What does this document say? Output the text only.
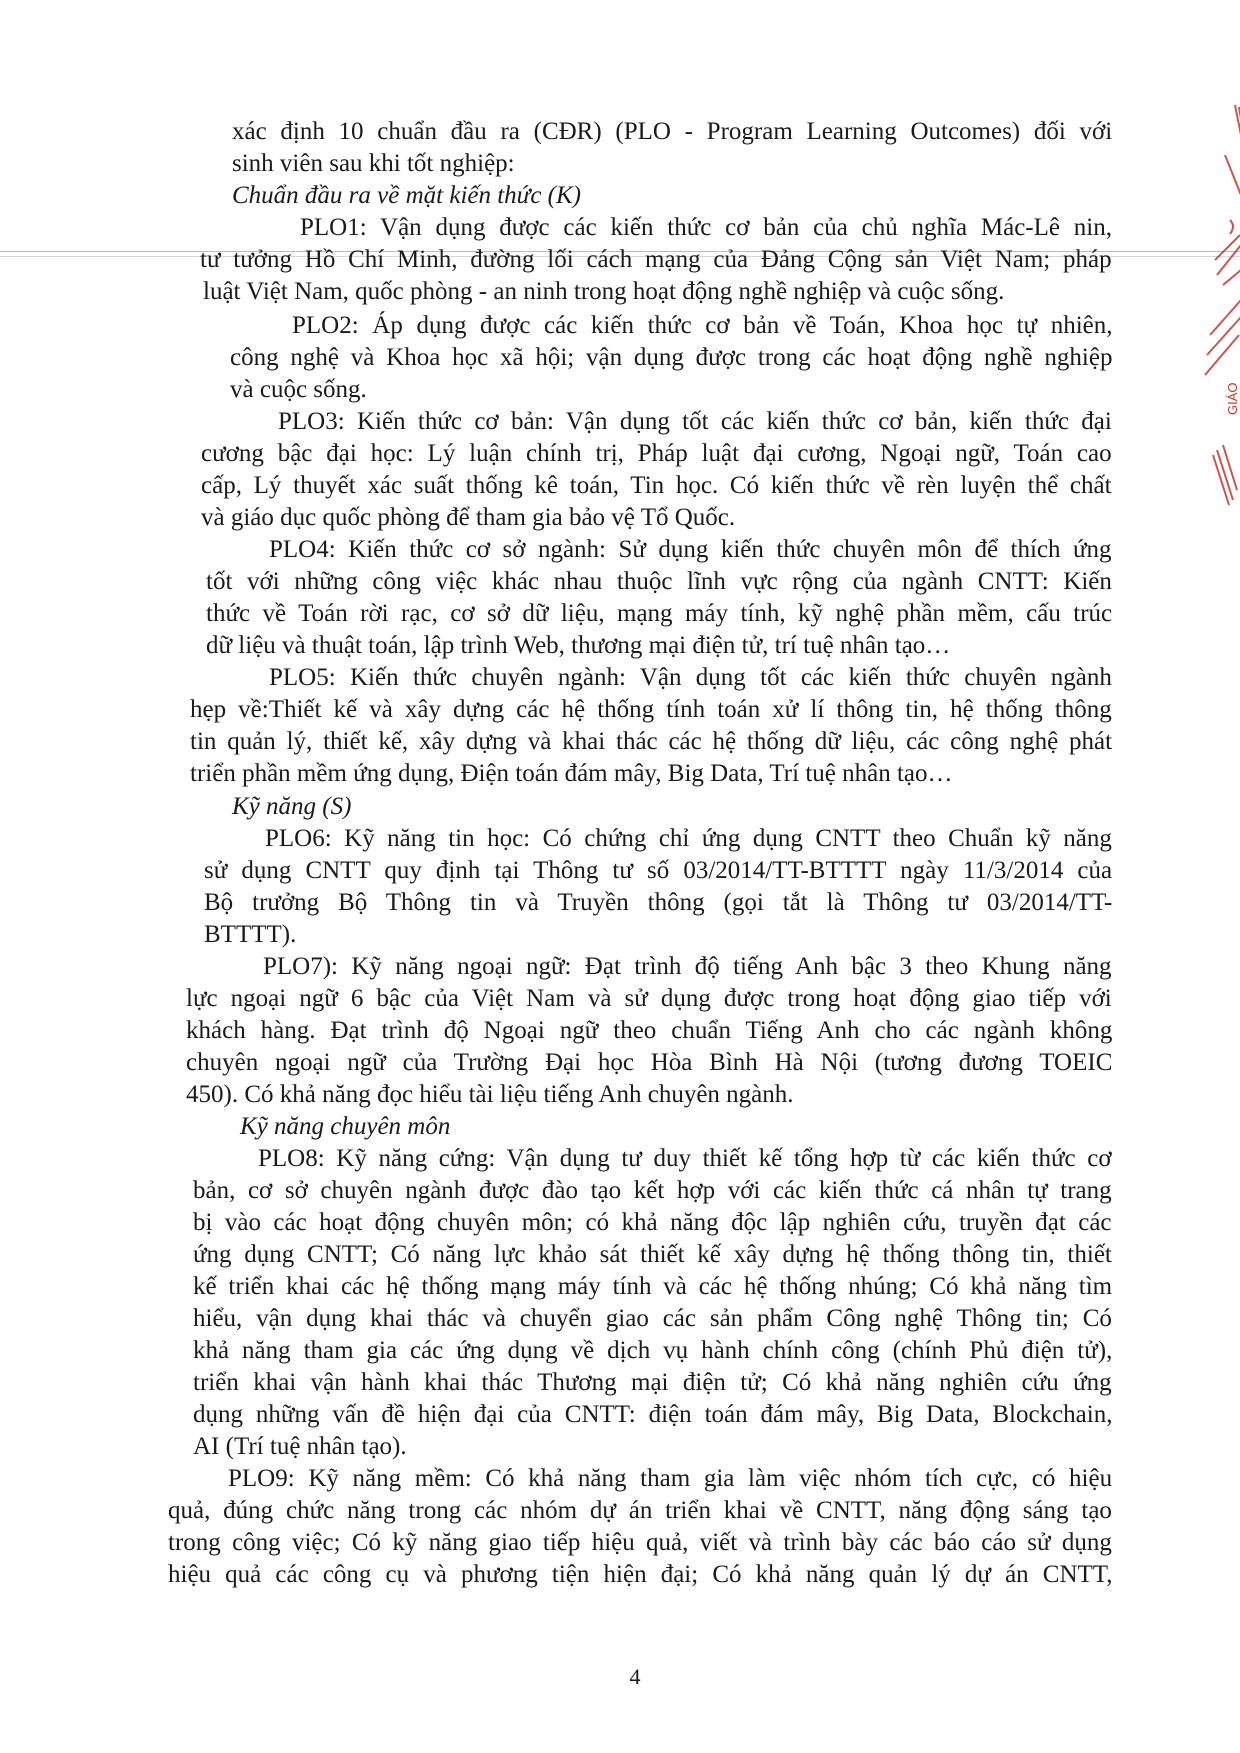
xác định 10 chuẩn đầu ra (CĐR) (PLO - Program Learning Outcomes) đối với
sinh viên sau khi tốt nghiệp:
Chuẩn đầu ra về mặt kiến thức (K)
PLO1: Vận dụng được các kiến thức cơ bản của chủ nghĩa Mác-Lê nin,
tư tưởng Hồ Chí Minh, đường lối cách mạng của Đảng Cộng sản Việt Nam; pháp
luật Việt Nam, quốc phòng - an ninh trong hoạt động nghề nghiệp và cuộc sống.
PLO2: Áp dụng được các kiến thức cơ bản về Toán, Khoa học tự nhiên,
công nghệ và Khoa học xã hội; vận dụng được trong các hoạt động nghề nghiệp
và cuộc sống.
PLO3: Kiến thức cơ bản: Vận dụng tốt các kiến thức cơ bản, kiến thức đại
cương bậc đại học: Lý luận chính trị, Pháp luật đại cương, Ngoại ngữ, Toán cao
cấp, Lý thuyết xác suất thống kê toán, Tin học. Có kiến thức về rèn luyện thể chất
và giáo dục quốc phòng để tham gia bảo vệ Tổ Quốc.
PLO4: Kiến thức cơ sở ngành: Sử dụng kiến thức chuyên môn để thích ứng
tốt với những công việc khác nhau thuộc lĩnh vực rộng của ngành CNTT: Kiến
thức về Toán rời rạc, cơ sở dữ liệu, mạng máy tính, kỹ nghệ phần mềm, cấu trúc
dữ liệu và thuật toán, lập trình Web, thương mại điện tử, trí tuệ nhân tạo…
PLO5: Kiến thức chuyên ngành: Vận dụng tốt các kiến thức chuyên ngành
hẹp về:Thiết kế và xây dựng các hệ thống tính toán xử lí thông tin, hệ thống thông
tin quản lý, thiết kế, xây dựng và khai thác các hệ thống dữ liệu, các công nghệ phát
triển phần mềm ứng dụng, Điện toán đám mây, Big Data, Trí tuệ nhân tạo…
Kỹ năng (S)
PLO6: Kỹ năng tin học: Có chứng chỉ ứng dụng CNTT theo Chuẩn kỹ năng
sử dụng CNTT quy định tại Thông tư số 03/2014/TT-BTTTT ngày 11/3/2014 của
Bộ trưởng Bộ Thông tin và Truyền thông (gọi tắt là Thông tư 03/2014/TT-
BTTTT).
PLO7): Kỹ năng ngoại ngữ: Đạt trình độ tiếng Anh bậc 3 theo Khung năng
lực ngoại ngữ 6 bậc của Việt Nam và sử dụng được trong hoạt động giao tiếp với
khách hàng. Đạt trình độ Ngoại ngữ theo chuẩn Tiếng Anh cho các ngành không
chuyên ngoại ngữ của Trường Đại học Hòa Bình Hà Nội (tương đương TOEIC
450). Có khả năng đọc hiểu tài liệu tiếng Anh chuyên ngành.
Kỹ năng chuyên môn
PLO8: Kỹ năng cứng: Vận dụng tư duy thiết kế tổng hợp từ các kiến thức cơ
bản, cơ sở chuyên ngành được đào tạo kết hợp với các kiến thức cá nhân tự trang
bị vào các hoạt động chuyên môn; có khả năng độc lập nghiên cứu, truyền đạt các
ứng dụng CNTT; Có năng lực khảo sát thiết kế xây dựng hệ thống thông tin, thiết
kế triển khai các hệ thống mạng máy tính và các hệ thống nhúng; Có khả năng tìm
hiểu, vận dụng khai thác và chuyển giao các sản phẩm Công nghệ Thông tin; Có
khả năng tham gia các ứng dụng về dịch vụ hành chính công (chính Phủ điện tử),
triển khai vận hành khai thác Thương mại điện tử; Có khả năng nghiên cứu ứng
dụng những vấn đề hiện đại của CNTT: điện toán đám mây, Big Data, Blockchain,
AI (Trí tuệ nhân tạo).
PLO9: Kỹ năng mềm: Có khả năng tham gia làm việc nhóm tích cực, có hiệu
quả, đúng chức năng trong các nhóm dự án triển khai về CNTT, năng động sáng tạo
trong công việc; Có kỹ năng giao tiếp hiệu quả, viết và trình bày các báo cáo sử dụng
hiệu quả các công cụ và phương tiện hiện đại; Có khả năng quản lý dự án CNTT,
4
GIÁO
